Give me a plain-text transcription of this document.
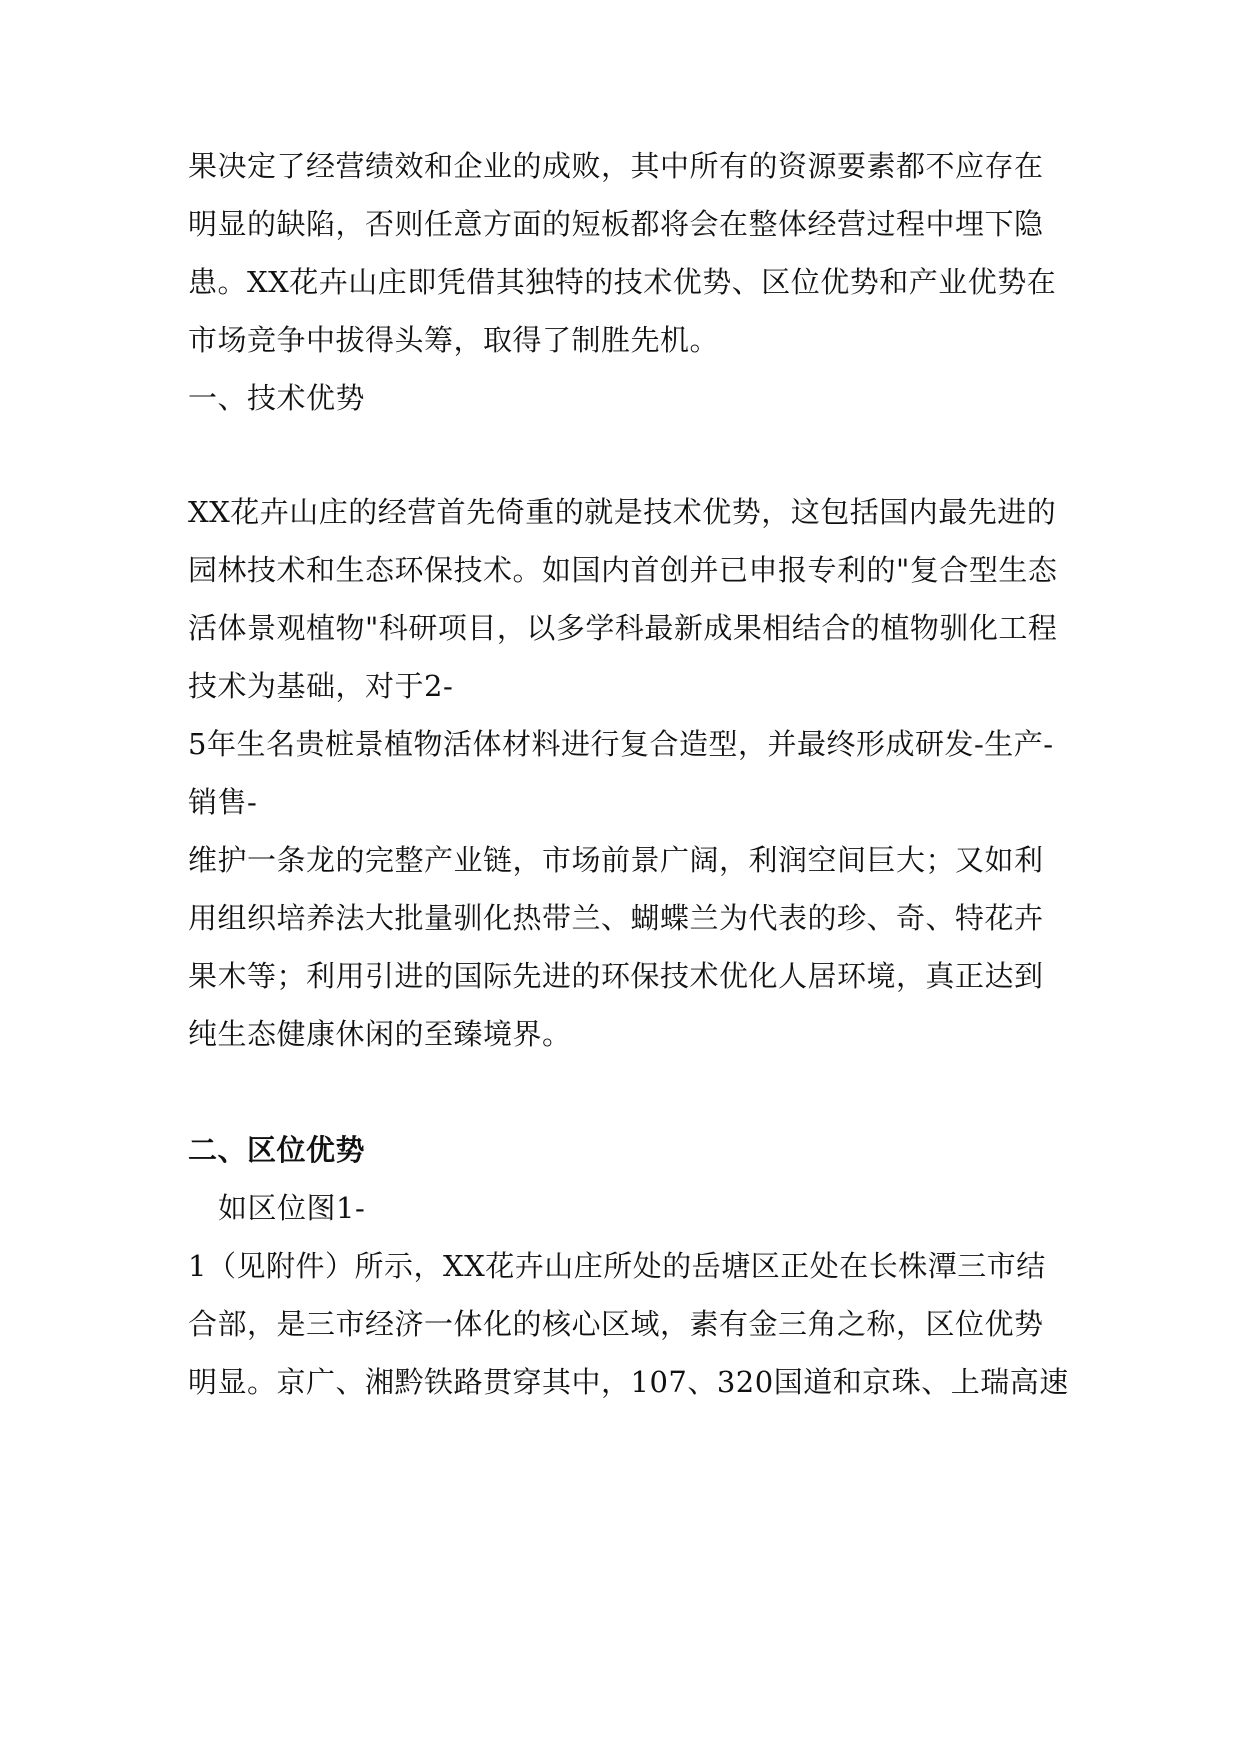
果决定了经营绩效和企业的成败，其中所有的资源要素都不应存在

明显的缺陷，否则任意方面的短板都将会在整体经营过程中埋下隐

患。XX花卉山庄即凭借其独特的技术优势、区位优势和产业优势在

市场竞争中拔得头筹，取得了制胜先机。

一、技术优势

XX花卉山庄的经营首先倚重的就是技术优势，这包括国内最先进的

园林技术和生态环保技术。如国内首创并已申报专利的"复合型生态

活体景观植物"科研项目，以多学科最新成果相结合的植物驯化工程

技术为基础，对于2-

5年生名贵桩景植物活体材料进行复合造型，并最终形成研发-生产-

销售-

维护一条龙的完整产业链，市场前景广阔，利润空间巨大；又如利

用组织培养法大批量驯化热带兰、蝴蝶兰为代表的珍、奇、特花卉

果木等；利用引进的国际先进的环保技术优化人居环境，真正达到

纯生态健康休闲的至臻境界。

二、区位优势

如区位图1-

1（见附件）所示，XX花卉山庄所处的岳塘区正处在长株潭三市结

合部，是三市经济一体化的核心区域，素有金三角之称，区位优势

明显。京广、湘黔铁路贯穿其中，107、320国道和京珠、上瑞高速
